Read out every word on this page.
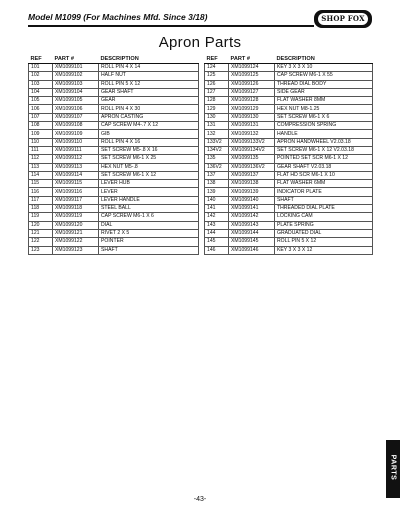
Model M1099 (For Machines Mfd. Since 3/18)	SHOP FOX
Apron Parts
REF	PART #	DESCRIPTION
101	XM1099101	ROLL PIN 4 X 14
102	XM1099102	HALF NUT
103	XM1099103	ROLL PIN 5 X 12
104	XM1099104	GEAR SHAFT
105	XM1099105	GEAR
106	XM1099106	ROLL PIN 4 X 30
107	XM1099107	APRON CASTING
108	XM1099108	CAP SCREW M4-.7 X 12
109	XM1099109	GIB
110	XM1099110	ROLL PIN 4 X 16
111	XM1099111	SET SCREW M5-.8 X 16
112	XM1099112	SET SCREW M6-1 X 25
113	XM1099113	HEX NUT M5-.8
114	XM1099114	SET SCREW M6-1 X 12
115	XM1099115	LEVER HUB
116	XM1099116	LEVER
117	XM1099117	LEVER HANDLE
118	XM1099118	STEEL BALL
119	XM1099119	CAP SCREW M6-1 X 6
120	XM1099120	DIAL
121	XM1099121	RIVET 2 X 5
122	XM1099122	POINTER
123	XM1099123	SHAFT
REF	PART #	DESCRIPTION
124	XM1099124	KEY 3 X 3 X 10
125	XM1099125	CAP SCREW M6-1 X 55
126	XM1099126	THREAD DIAL BODY
127	XM1099127	SIDE GEAR
128	XM1099128	FLAT WASHER 8MM
129	XM1099129	HEX NUT M8-1.25
130	XM1099130	SET SCREW M6-1 X 6
131	XM1099131	COMPRESSION SPRING
132	XM1099132	HANDLE
133V2	XM1099133V2	APRON HANDWHEEL V2.03.18
134V2	XM1099134V2	SET SCREW M6-1 X 12 V2.03.18
135	XM1099135	POINTED SET SCR M6-1 X 12
136V2	XM1099136V2	GEAR SHAFT V2.03.18
137	XM1099137	FLAT HD SCR M6-1 X 10
138	XM1099138	FLAT WASHER 6MM
139	XM1099139	INDICATOR PLATE
140	XM1099140	SHAFT
141	XM1099141	THREADED DIAL PLATE
142	XM1099142	LOCKING CAM
143	XM1099143	PLATE SPRING
144	XM1099144	GRADUATED DIAL
145	XM1099145	ROLL PIN 5 X 12
146	XM1099146	KEY 3 X 3 X 12
PARTS
-43-
